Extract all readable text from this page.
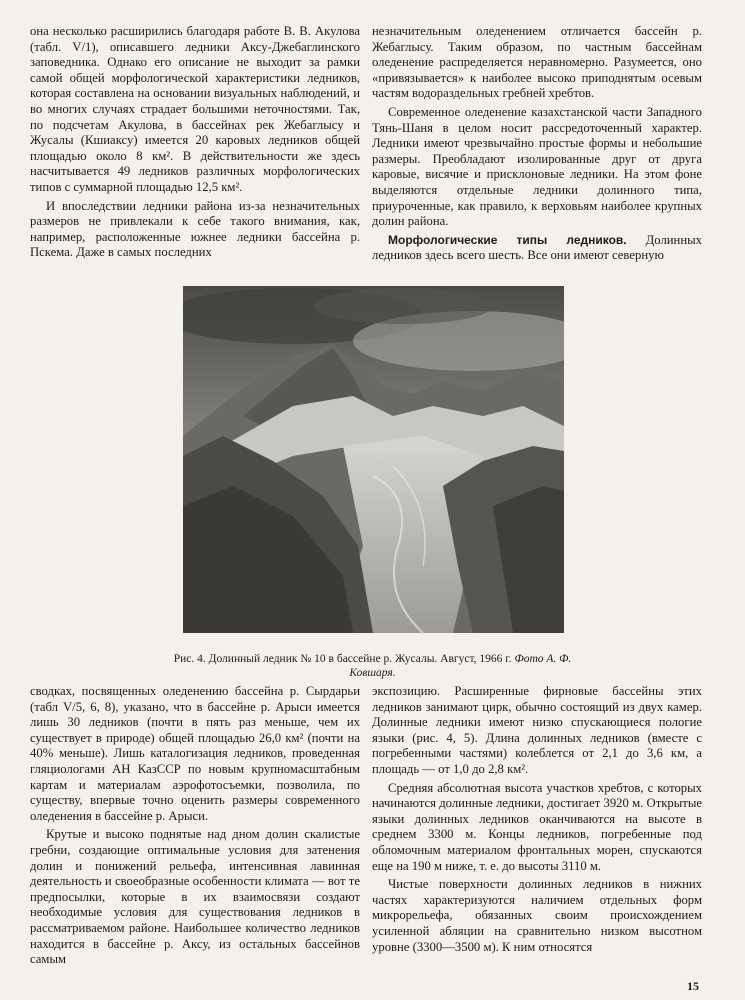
она несколько расширились благодаря работе В. В. Акулова (табл. V/1), описавшего ледники Аксу-Джебаглинского заповедника. Однако его описание не выходит за рамки самой общей морфологической характеристики ледников, которая составлена на основании визуальных наблюдений, и во многих случаях страдает большими неточностями. Так, по подсчетам Акулова, в бассейнах рек Жебаглысу и Жусалы (Кшиаксу) имеется 20 каровых ледников общей площадью около 8 км². В действительности же здесь насчитывается 49 ледников различных морфологических типов с суммарной площадью 12,5 км².

И впоследствии ледники района из-за незначительных размеров не привлекали к себе такого внимания, как, например, расположенные южнее ледники бассейна р. Пскема. Даже в самых последних

незначительным оледенением отличается бассейн р. Жебаглысу. Таким образом, по частным бассейнам оледенение распределяется неравномерно. Разумеется, оно «привязывается» к наиболее высоко приподнятым осевым частям водораздельных гребней хребтов.

Современное оледенение казахстанской части Западного Тянь-Шаня в целом носит рассредоточенный характер. Ледники имеют чрезвычайно простые формы и небольшие размеры. Преобладают изолированные друг от друга каровые, висячие и присклоновые ледники. На этом фоне выделяются отдельные ледники долинного типа, приуроченные, как правило, к верховьям наиболее крупных долин района.

Морфологические типы ледников. Долинных ледников здесь всего шесть. Все они имеют северную

Рис. 4. Долинный ледник № 10 в бассейне р. Жусалы. Август, 1966 г. Фото А. Ф. Ковшаря.

сводках, посвященных оледенению бассейна р. Сырдарьи (табл V/5, 6, 8), указано, что в бассейне р. Арыси имеется лишь 30 ледников (почти в пять раз меньше, чем их существует в природе) общей площадью 26,0 км² (почти на 40% меньше). Лишь каталогизация ледников, проведенная гляциологами АН КазССР по новым крупномасштабным картам и материалам аэрофотосъемки, позволила, по существу, впервые точно оценить размеры современного оледенения в бассейне р. Арыси.

Крутые и высоко поднятые над дном долин скалистые гребни, создающие оптимальные условия для затенения долин и понижений рельефа, интенсивная лавинная деятельность и своеобразные особенности климата — вот те предпосылки, которые в их взаимосвязи создают необходимые условия для существования ледников в рассматриваемом районе. Наибольшее количество ледников находится в бассейне р. Аксу, из остальных бассейнов самым

экспозицию. Расширенные фирновые бассейны этих ледников занимают цирк, обычно состоящий из двух камер. Долинные ледники имеют низко спускающиеся пологие языки (рис. 4, 5). Длина долинных ледников (вместе с погребенными частями) колеблется от 2,1 до 3,6 км, а площадь — от 1,0 до 2,8 км².

Средняя абсолютная высота участков хребтов, с которых начинаются долинные ледники, достигает 3920 м. Открытые языки долинных ледников оканчиваются на высоте в среднем 3300 м. Концы ледников, погребенные под обломочным материалом фронтальных морен, спускаются еще на 190 м ниже, т. е. до высоты 3110 м.

Чистые поверхности долинных ледников в нижних частях характеризуются наличием отдельных форм микрорельефа, обязанных своим происхождением усиленной абляции на сравнительно низком высотном уровне (3300—3500 м). К ним относятся

15
